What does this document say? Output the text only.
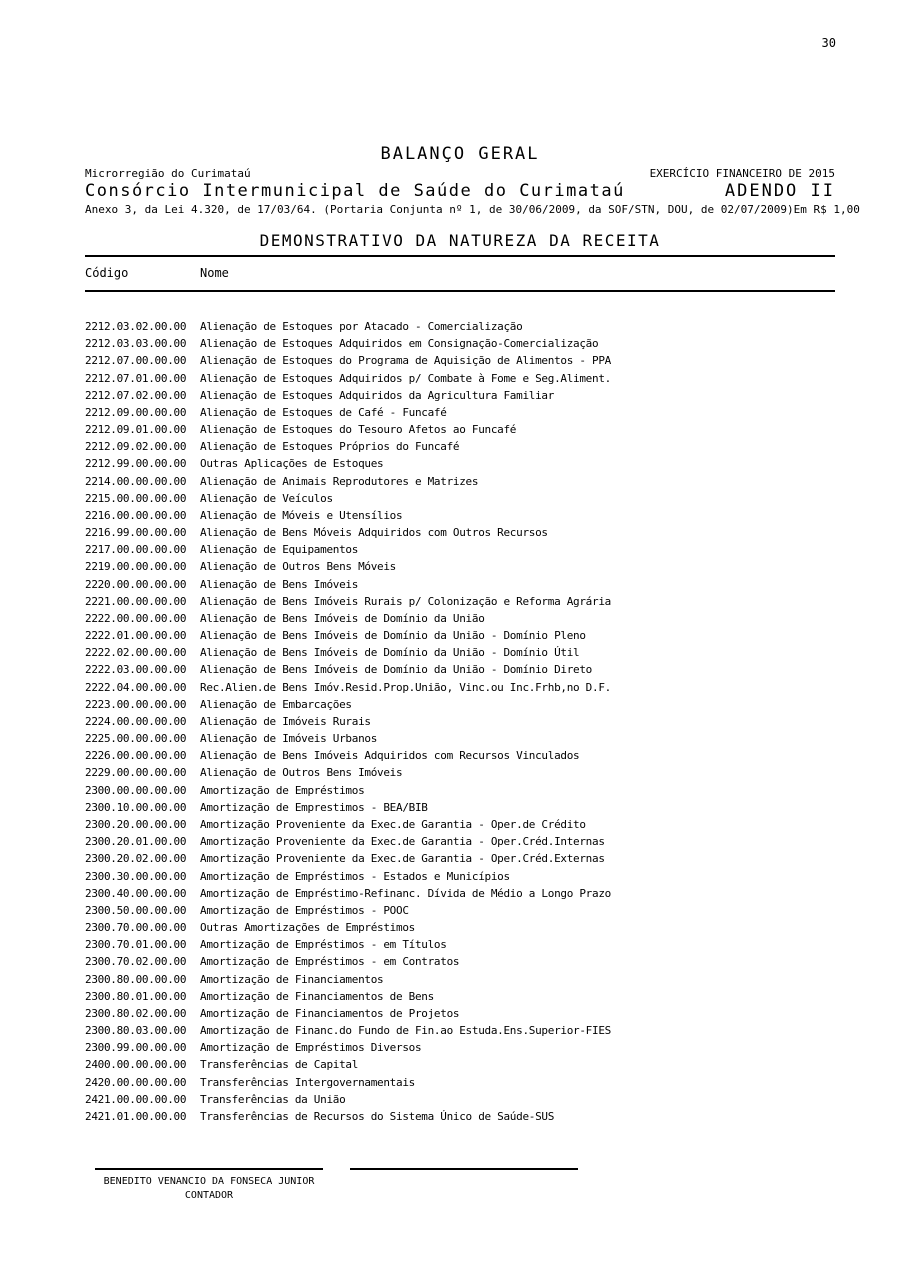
30
BALANÇO GERAL
Microrregião do Curimataú	EXERCÍCIO FINANCEIRO DE 2015
Consórcio Intermunicipal de Saúde do Curimataú	ADENDO II
Anexo 3, da Lei 4.320, de 17/03/64. (Portaria Conjunta nº 1, de 30/06/2009, da SOF/STN, DOU, de 02/07/2009) Em R$ 1,00
DEMONSTRATIVO DA NATUREZA DA RECEITA
Código	Nome
2212.03.02.00.00	Alienação de Estoques por Atacado - Comercialização
2212.03.03.00.00	Alienação de Estoques Adquiridos em Consignação-Comercialização
2212.07.00.00.00	Alienação de Estoques do Programa de Aquisição de Alimentos - PPA
2212.07.01.00.00	Alienação de Estoques Adquiridos p/ Combate à Fome e Seg.Aliment.
2212.07.02.00.00	Alienação de Estoques Adquiridos da Agricultura Familiar
2212.09.00.00.00	Alienação de Estoques de Café - Funcafé
2212.09.01.00.00	Alienação de Estoques do Tesouro Afetos ao Funcafé
2212.09.02.00.00	Alienação de Estoques Próprios do Funcafé
2212.99.00.00.00	Outras Aplicações de Estoques
2214.00.00.00.00	Alienação de Animais Reprodutores e Matrizes
2215.00.00.00.00	Alienação de Veículos
2216.00.00.00.00	Alienação de Móveis e Utensílios
2216.99.00.00.00	Alienação de Bens Móveis Adquiridos com Outros Recursos
2217.00.00.00.00	Alienação de Equipamentos
2219.00.00.00.00	Alienação de Outros Bens Móveis
2220.00.00.00.00	Alienação de Bens Imóveis
2221.00.00.00.00	Alienação de Bens Imóveis Rurais p/ Colonização e Reforma Agrária
2222.00.00.00.00	Alienação de Bens Imóveis de Domínio da União
2222.01.00.00.00	Alienação de Bens Imóveis de Domínio da União - Domínio Pleno
2222.02.00.00.00	Alienação de Bens Imóveis de Domínio da União - Domínio Útil
2222.03.00.00.00	Alienação de Bens Imóveis de Domínio da União - Domínio Direto
2222.04.00.00.00	Rec.Alien.de Bens Imóv.Resid.Prop.União, Vinc.ou Inc.Frhb,no D.F.
2223.00.00.00.00	Alienação de Embarcações
2224.00.00.00.00	Alienação de Imóveis Rurais
2225.00.00.00.00	Alienação de Imóveis Urbanos
2226.00.00.00.00	Alienação de Bens Imóveis Adquiridos com Recursos Vinculados
2229.00.00.00.00	Alienação de Outros Bens Imóveis
2300.00.00.00.00	Amortização de Empréstimos
2300.10.00.00.00	Amortização de Emprestimos - BEA/BIB
2300.20.00.00.00	Amortização Proveniente da Exec.de Garantia - Oper.de Crédito
2300.20.01.00.00	Amortização Proveniente da Exec.de Garantia - Oper.Créd.Internas
2300.20.02.00.00	Amortização Proveniente da Exec.de Garantia - Oper.Créd.Externas
2300.30.00.00.00	Amortização de Empréstimos - Estados e Municípios
2300.40.00.00.00	Amortização de Empréstimo-Refinanc. Dívida de Médio a Longo Prazo
2300.50.00.00.00	Amortização de Empréstimos - POOC
2300.70.00.00.00	Outras Amortizações de Empréstimos
2300.70.01.00.00	Amortização de Empréstimos - em Títulos
2300.70.02.00.00	Amortização de Empréstimos - em Contratos
2300.80.00.00.00	Amortização de Financiamentos
2300.80.01.00.00	Amortização de Financiamentos de Bens
2300.80.02.00.00	Amortização de Financiamentos de Projetos
2300.80.03.00.00	Amortização de Financ.do Fundo de Fin.ao Estuda.Ens.Superior-FIES
2300.99.00.00.00	Amortização de Empréstimos Diversos
2400.00.00.00.00	Transferências de Capital
2420.00.00.00.00	Transferências Intergovernamentais
2421.00.00.00.00	Transferências da União
2421.01.00.00.00	Transferências de Recursos do Sistema Único de Saúde-SUS
BENEDITO VENANCIO DA FONSECA JUNIOR
CONTADOR
